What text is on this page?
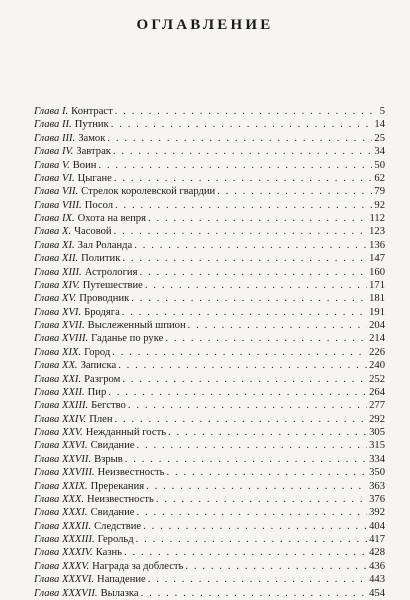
ОГЛАВЛЕНИЕ
Глава I. Контраст . . .	5
Глава II. Путник . . .	14
Глава III. Замок . . .	25
Глава IV. Завтрак . . .	34
Глава V. Воин . . .	50
Глава VI. Цыгане . . .	62
Глава VII. Стрелок королевской гвардии . . .	79
Глава VIII. Посол . . .	92
Глава IX. Охота на вепря . . .	112
Глава X. Часовой . . .	123
Глава XI. Зал Роланда . . .	136
Глава XII. Политик . . .	147
Глава XIII. Астрология . . .	160
Глава XIV. Путешествие . . .	171
Глава XV. Проводник . . .	181
Глава XVI. Бродяга . . .	191
Глава XVII. Выслеженный шпион . . .	204
Глава XVIII. Гаданье по руке . . .	214
Глава XIX. Город . . .	226
Глава XX. Записка . . .	240
Глава XXI. Разгром . . .	252
Глава XXII. Пир . . .	264
Глава XXIII. Бегство . . .	277
Глава XXIV. Плен . . .	292
Глава XXV. Нежданный гость . . .	305
Глава XXVI. Свидание . . .	315
Глава XXVII. Взрыв . . .	334
Глава XXVIII. Неизвестность . . .	350
Глава XXIX. Пререкания . . .	363
Глава XXX. Неизвестность . . .	376
Глава XXXI. Свидание . . .	392
Глава XXXII. Следствие . . .	404
Глава XXXIII. Герольд . . .	417
Глава XXXIV. Казнь . . .	428
Глава XXXV. Награда за доблесть . . .	436
Глава XXXVI. Нападение . . .	443
Глава XXXVII. Вылазка . . .	454
